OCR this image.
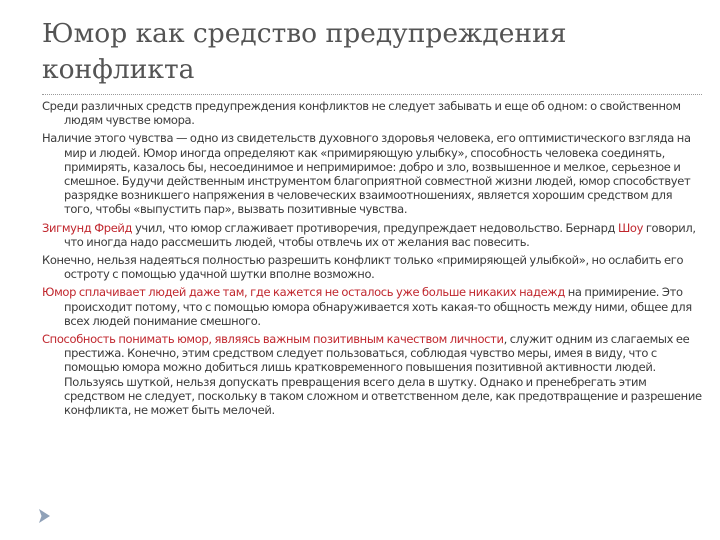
Юмор как средство предупреждения конфликта

Среди различных средств предупреждения конфликтов не следует забывать и еще об одном: о свойственном людям чувстве юмора.

Наличие этого чувства — одно из свидетельств духовного здоровья человека, его оптимистического взгляда на мир и людей. Юмор иногда определяют как «примиряющую улыбку», способность человека соединять, примирять, казалось бы, несоединимое и непримиримое: добро и зло, возвышенное и мелкое, серьезное и смешное. Будучи действенным инструментом благоприятной совместной жизни людей, юмор способствует разрядке возникшего напряжения в человеческих взаимоотношениях, является хорошим средством для того, чтобы «выпустить пар», вызвать позитивные чувства.

Зигмунд Фрейд учил, что юмор сглаживает противоречия, предупреждает недовольство. Бернард Шоу говорил, что иногда надо рассмешить людей, чтобы отвлечь их от желания вас повесить.

Конечно, нельзя надеяться полностью разрешить конфликт только «примиряющей улыбкой», но ослабить его остроту с помощью удачной шутки вполне возможно.

Юмор сплачивает людей даже там, где кажется не осталось уже больше никаких надежд на примирение. Это происходит потому, что с помощью юмора обнаруживается хоть какая-то общность между ними, общее для всех людей понимание смешного.

Способность понимать юмор, являясь важным позитивным качеством личности, служит одним из слагаемых ее престижа. Конечно, этим средством следует пользоваться, соблюдая чувство меры, имея в виду, что с помощью юмора можно добиться лишь кратковременного повышения позитивной активности людей. Пользуясь шуткой, нельзя допускать превращения всего дела в шутку. Однако и пренебрегать этим средством не следует, поскольку в таком сложном и ответственном деле, как предотвращение и разрешение конфликта, не может быть мелочей.
